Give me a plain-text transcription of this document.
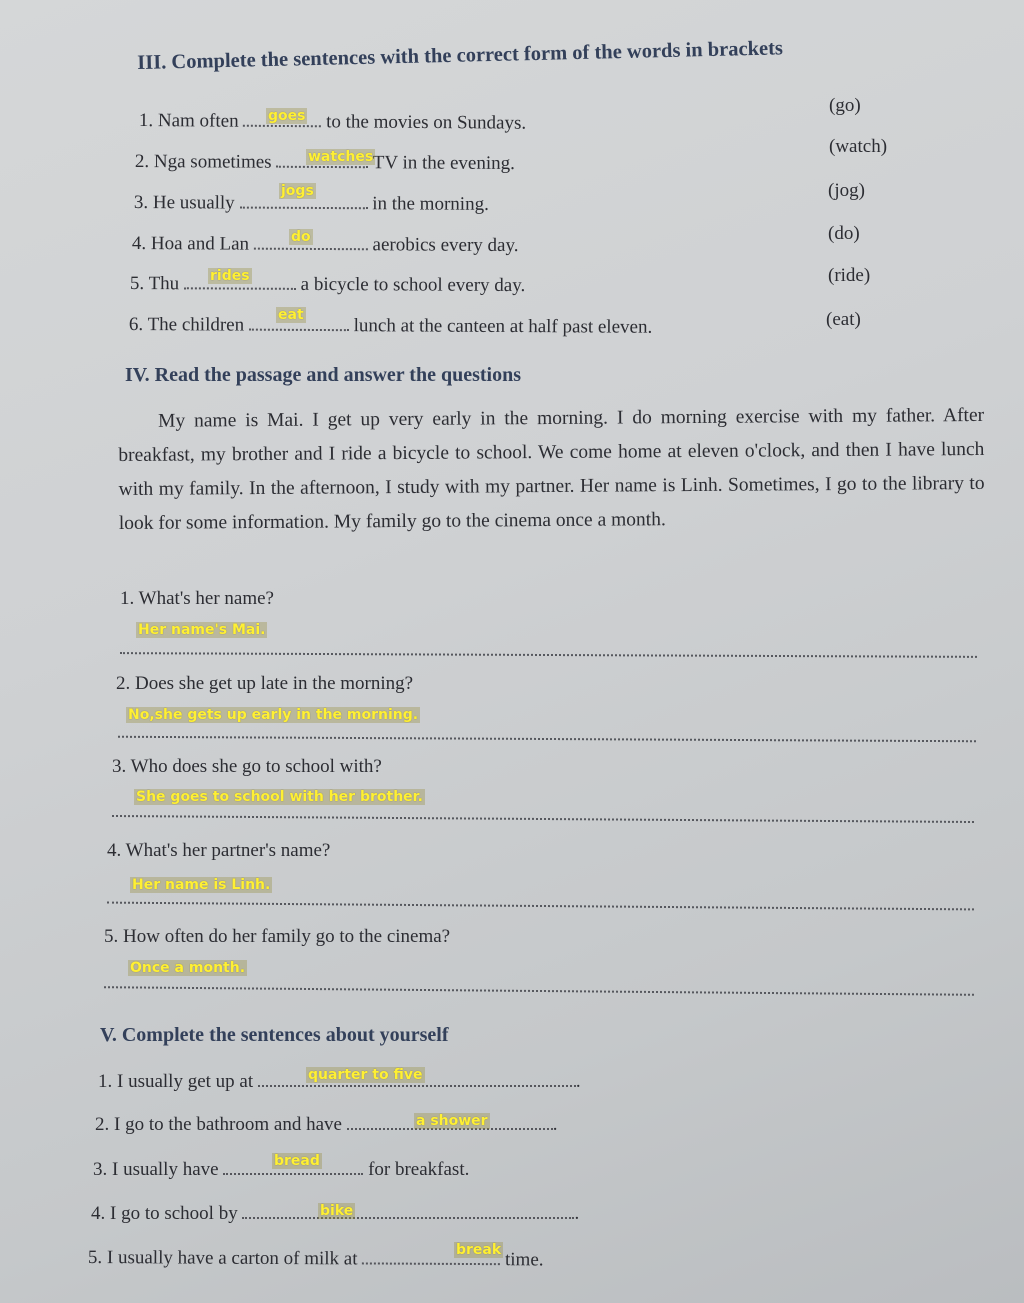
III. Complete the sentences with the correct form of the words in brackets
1. Nam often	to the movies on Sundays.
goes	(go)
2. Nga sometimes	TV in the evening.
watches	(watch)
3. He usually	in the morning.
jogs	(jog)
4. Hoa and Lan	aerobics every day.
do	(do)
5. Thu	a bicycle to school every day.
rides	(ride)
6. The children	lunch at the canteen at half past eleven.
eat	(eat)
IV. Read the passage and answer the questions
My name is Mai. I get up very early in the morning. I do morning exercise with my father. After breakfast, my brother and I ride a bicycle to school. We come home at eleven o'clock, and then I have lunch with my family. In the afternoon, I study with my partner. Her name is Linh. Sometimes, I go to the library to look for some information. My family go to the cinema once a month.
1. What's her name?
Her name's Mai.
2. Does she get up late in the morning?
No,she gets up early in the morning.
3. Who does she go to school with?
She goes to school with her brother.
4. What's her partner's name?
Her name is Linh.
5. How often do her family go to the cinema?
Once a month.
V. Complete the sentences about yourself
1. I usually get up at	.
quarter to five
2. I go to the bathroom and have	.
a shower
3. I usually have	for breakfast.
bread
4. I go to school by	.
bike
5. I usually have a carton of milk at	time.
break
